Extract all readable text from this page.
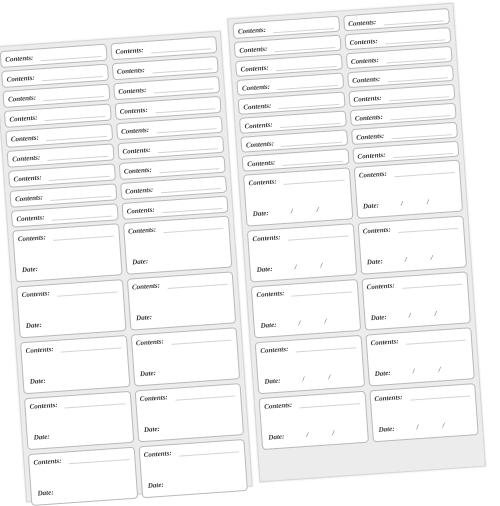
Contents:
Contents:
Contents:
Contents:
Contents:
Contents:
Contents:
Contents:
Contents:
Contents:
Contents:
Contents:
Contents:
Contents:
Contents:
Contents:
Contents:
Contents:
Contents:
Date:
Contents:
Date:
Contents:
Date:
Contents:
Date:
Contents:
Date:
Contents:
Date:
Contents:
Date:
Contents:
Date:
Contents:
Date:
Contents:
Date:
Contents:
Contents:
Contents:
Contents:
Contents:
Contents:
Contents:
Contents:
Contents:
Contents:
Contents:
Contents:
Contents:
Contents:
Contents:
Contents:
Contents:
Date:	/	/
Contents:
Date:	/	/
Contents:
Date:	/	/
Contents:
Date:	/	/
Contents:
Date:	/	/
Contents:
Date:	/	/
Contents:
Date:	/	/
Contents:
Date:	/	/
Contents:
Date:	/	/
Contents:
Date:	/	/
